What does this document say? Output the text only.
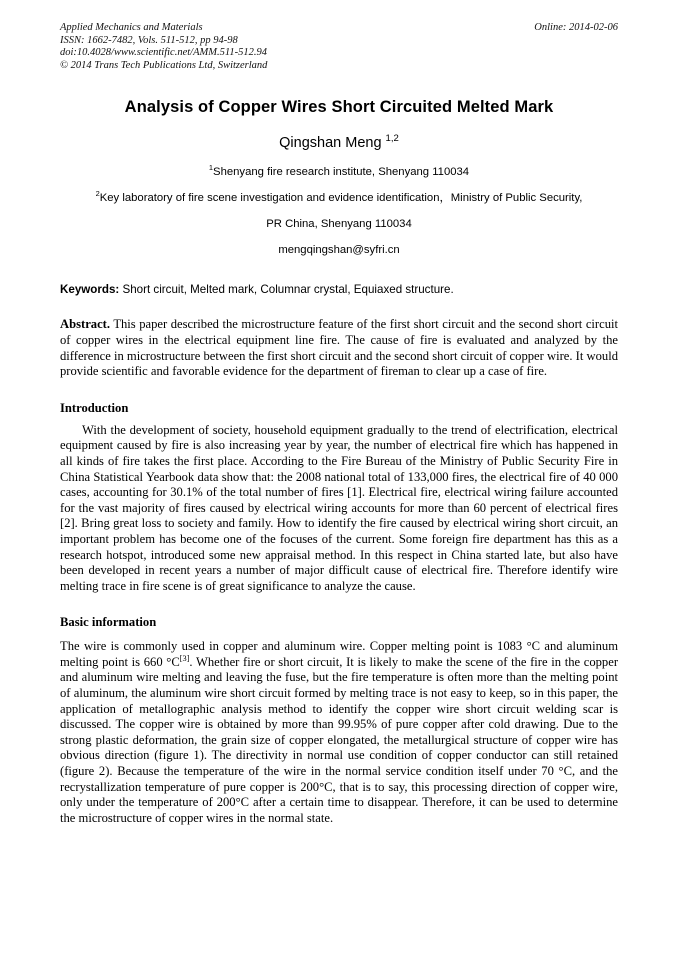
Applied Mechanics and Materials
ISSN: 1662-7482, Vols. 511-512, pp 94-98
doi:10.4028/www.scientific.net/AMM.511-512.94
© 2014 Trans Tech Publications Ltd, Switzerland
Online: 2014-02-06
Analysis of Copper Wires Short Circuited Melted Mark
Qingshan Meng $^{1,2}$
$^1$Shenyang fire research institute, Shenyang 110034
$^2$Key laboratory of fire scene investigation and evidence identification，Ministry of Public Security,
PR China, Shenyang 110034
mengqingshan@syfri.cn
Keywords: Short circuit, Melted mark, Columnar crystal, Equiaxed structure.
Abstract. This paper described the microstructure feature of the first short circuit and the second short circuit of copper wires in the electrical equipment line fire. The cause of fire is evaluated and analyzed by the difference in microstructure between the first short circuit and the second short circuit of copper wire. It would provide scientific and favorable evidence for the department of fireman to clear up a case of fire.
Introduction
With the development of society, household equipment gradually to the trend of electrification, electrical equipment caused by fire is also increasing year by year, the number of electrical fire which has happened in all kinds of fire takes the first place. According to the Fire Bureau of the Ministry of Public Security Fire in China Statistical Yearbook data show that: the 2008 national total of 133,000 fires, the electrical fire of 40 000 cases, accounting for 30.1% of the total number of fires [1]. Electrical fire, electrical wiring failure accounted for the vast majority of fires caused by electrical wiring accounts for more than 60 percent of electrical fires [2]. Bring great loss to society and family. How to identify the fire caused by electrical wiring short circuit, an important problem has become one of the focuses of the current. Some foreign fire department has this as a research hotspot, introduced some new appraisal method. In this respect in China started late, but also have been developed in recent years a number of major difficult cause of electrical fire. Therefore identify wire melting trace in fire scene is of great significance to analyze the cause.
Basic information
The wire is commonly used in copper and aluminum wire. Copper melting point is 1083 °C and aluminum melting point is 660 °C[3]. Whether fire or short circuit, It is likely to make the scene of the fire in the copper and aluminum wire melting and leaving the fuse, but the fire temperature is often more than the melting point of aluminum, the aluminum wire short circuit formed by melting trace is not easy to keep, so in this paper, the application of metallographic analysis method to identify the copper wire short circuit welding scar is discussed. The copper wire is obtained by more than 99.95% of pure copper after cold drawing. Due to the strong plastic deformation, the grain size of copper elongated, the metallurgical structure of copper wire has obvious direction (figure 1). The directivity in normal use condition of copper conductor can still retained (figure 2). Because the temperature of the wire in the normal service condition itself under 70 °C, and the recrystallization temperature of pure copper is 200°C, that is to say, this processing direction of copper wire, only under the temperature of 200°C after a certain time to disappear. Therefore, it can be used to determine the microstructure of copper wires in the normal state.
